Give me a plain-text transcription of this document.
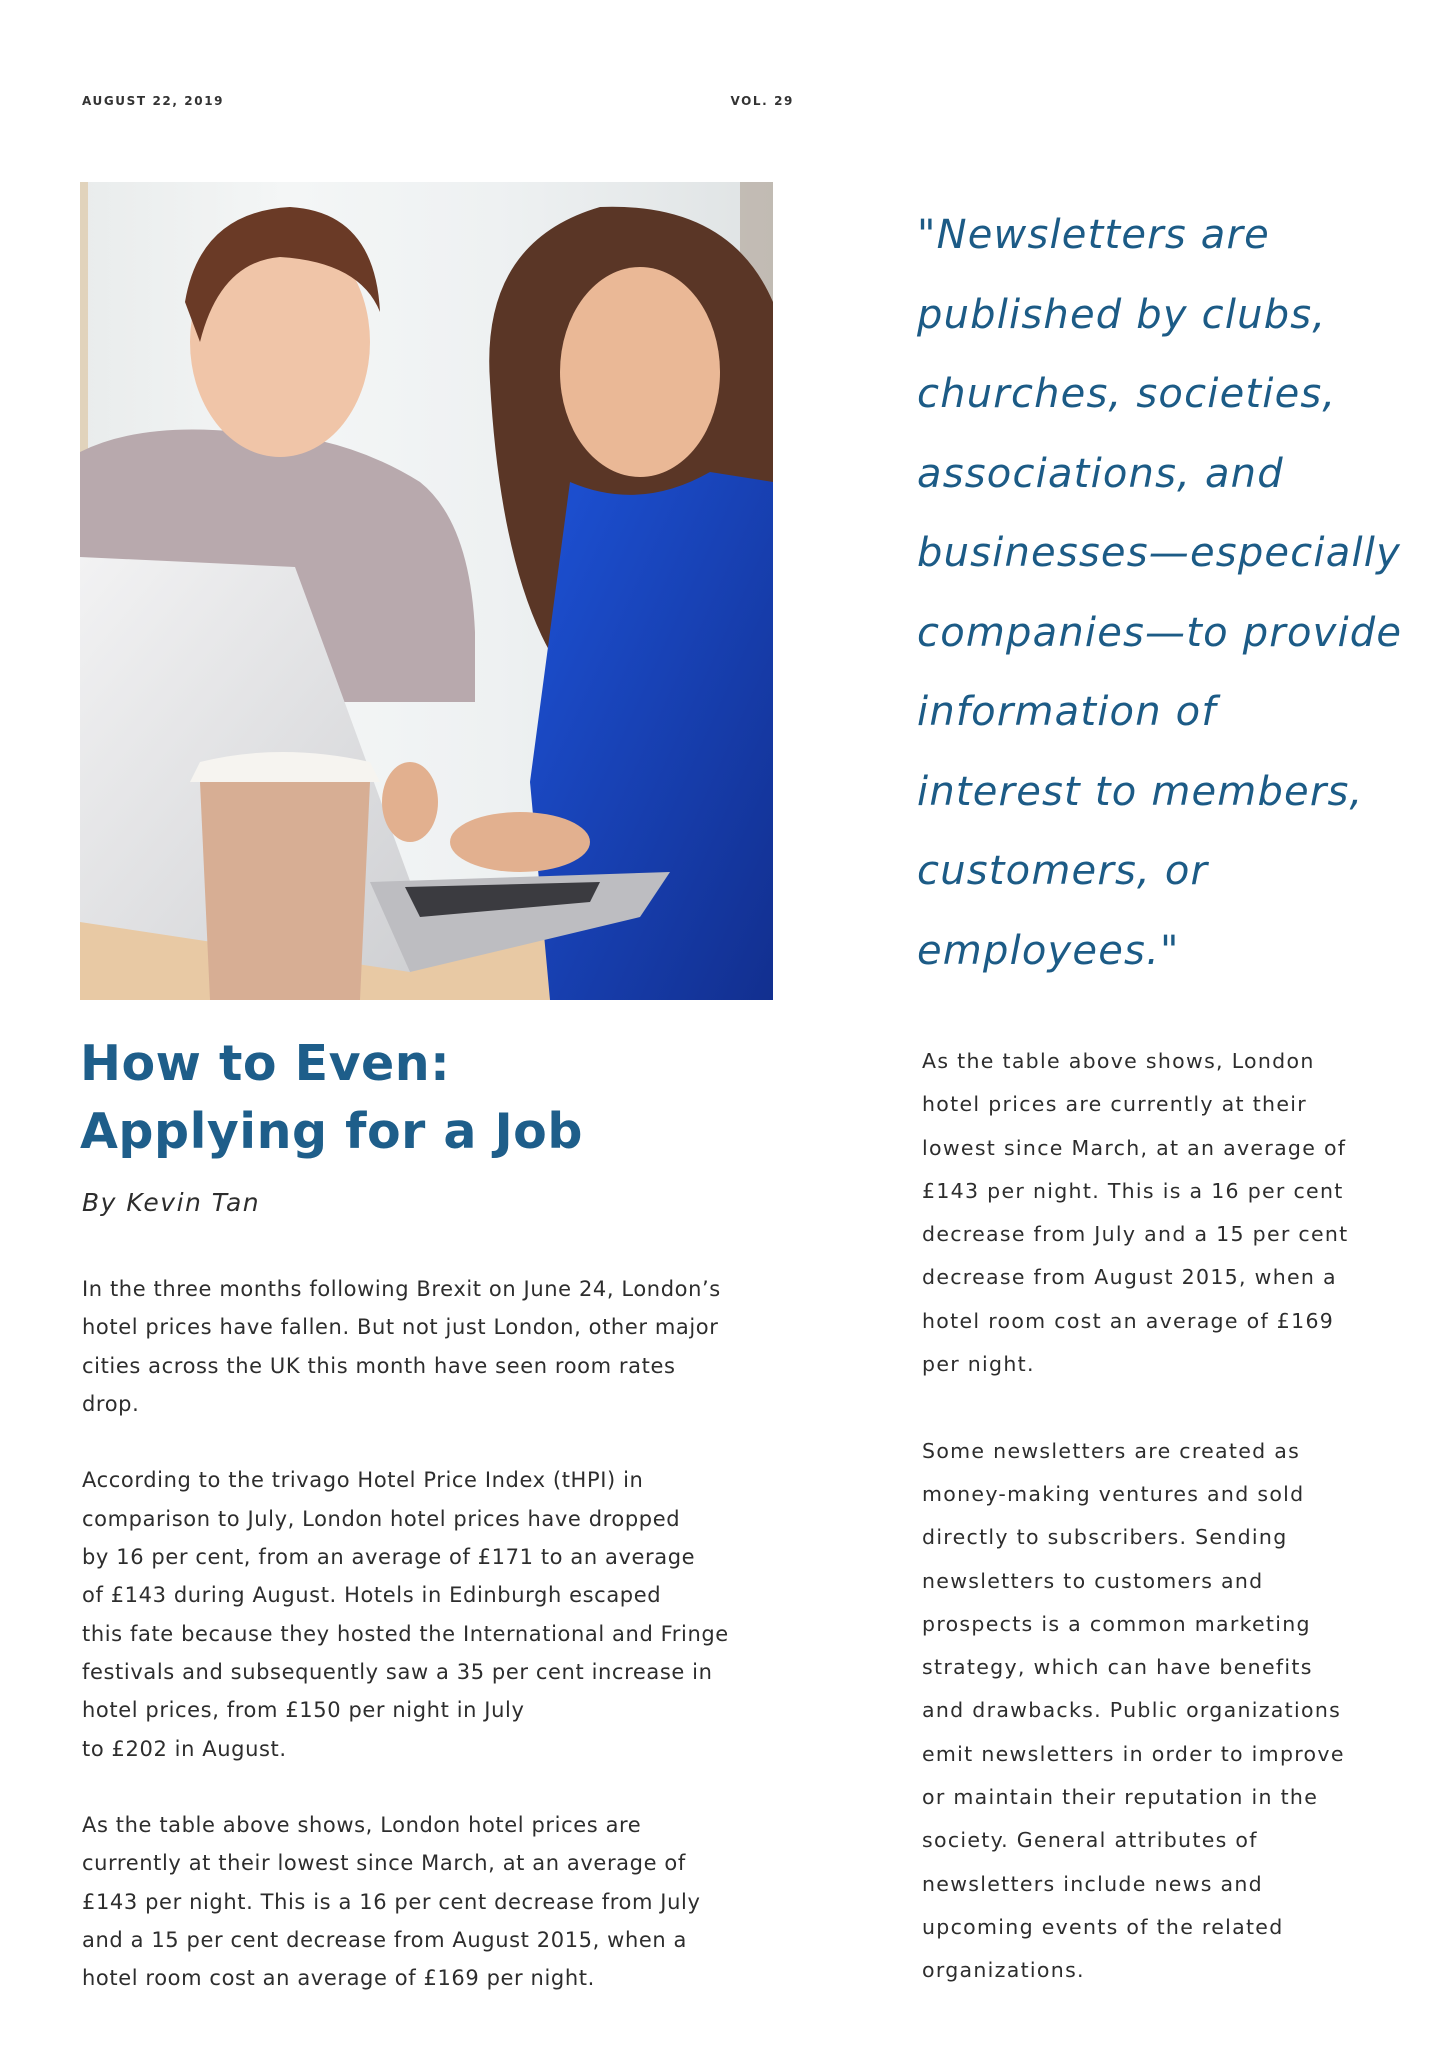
AUGUST 22, 2019	VOL. 29
"Newsletters are
published by clubs,
churches, societies,
associations, and
businesses—especially
companies—to provide
information of
interest to members,
customers, or
employees."
How to Even:
Applying for a Job

By Kevin Tan

In the three months following Brexit on June 24, London’s
hotel prices have fallen. But not just London, other major
cities across the UK this month have seen room rates
drop.

According to the trivago Hotel Price Index (tHPI) in
comparison to July, London hotel prices have dropped
by 16 per cent, from an average of £171 to an average
of £143 during August. Hotels in Edinburgh escaped
this fate because they hosted the International and Fringe
festivals and subsequently saw a 35 per cent increase in
hotel prices, from £150 per night in July
to £202 in August.

As the table above shows, London hotel prices are
currently at their lowest since March, at an average of
£143 per night. This is a 16 per cent decrease from July
and a 15 per cent decrease from August 2015, when a
hotel room cost an average of £169 per night.

As the table above shows, London
hotel prices are currently at their
lowest since March, at an average of
£143 per night. This is a 16 per cent
decrease from July and a 15 per cent
decrease from August 2015, when a
hotel room cost an average of £169
per night.

Some newsletters are created as
money-making ventures and sold
directly to subscribers. Sending
newsletters to customers and
prospects is a common marketing
strategy, which can have benefits
and drawbacks. Public organizations
emit newsletters in order to improve
or maintain their reputation in the
society. General attributes of
newsletters include news and
upcoming events of the related
organizations.
